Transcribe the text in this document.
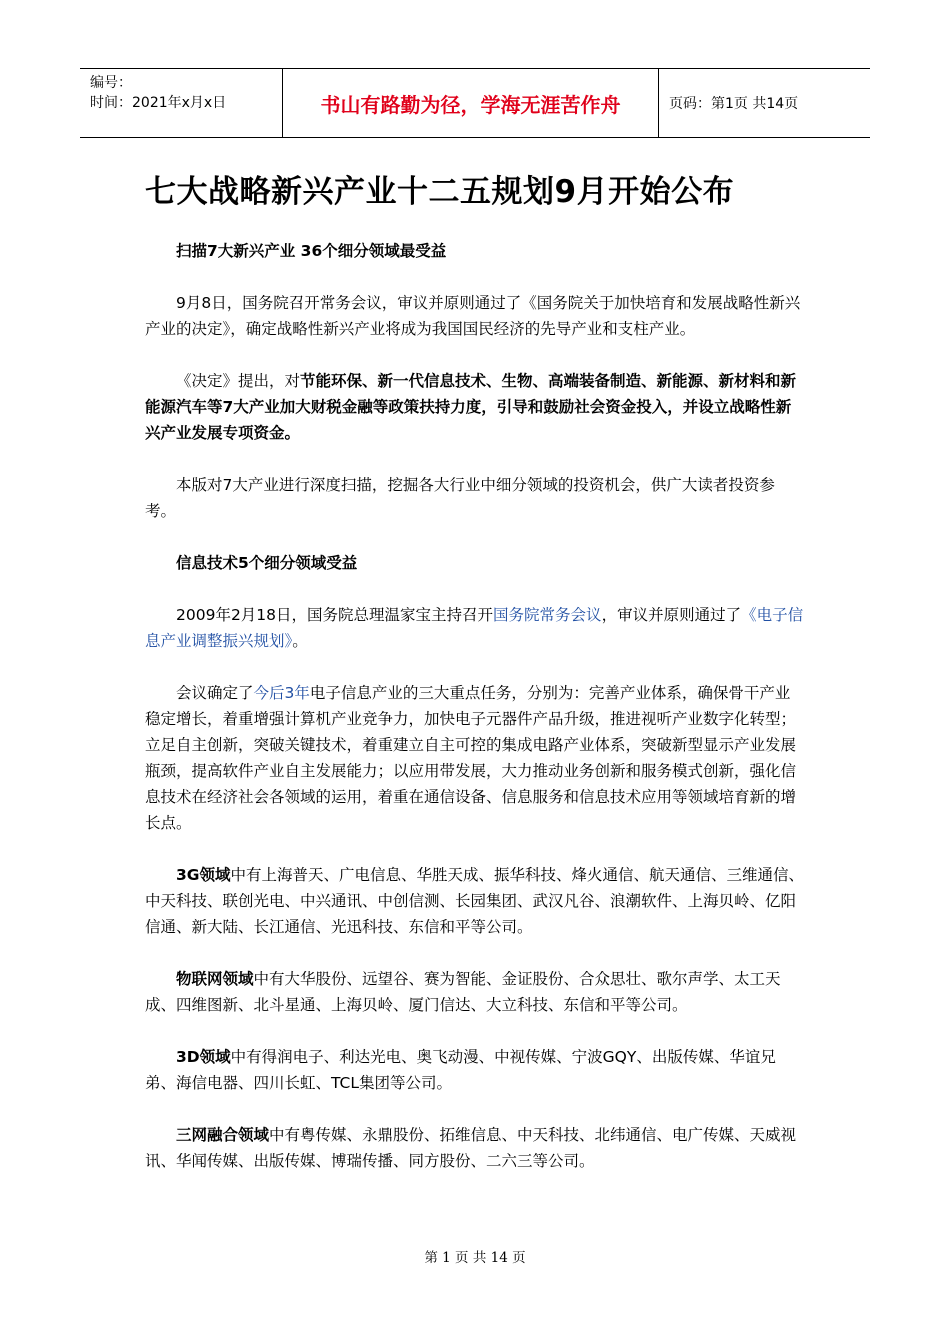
编号：
时间：2021年x月x日	书山有路勤为径，学海无涯苦作舟	页码：第1页 共14页
七大战略新兴产业十二五规划9月开始公布

扫描7大新兴产业 36个细分领域最受益

9月8日，国务院召开常务会议，审议并原则通过了《国务院关于加快培育和发展战略性新兴产业的决定》，确定战略性新兴产业将成为我国国民经济的先导产业和支柱产业。

《决定》提出，对节能环保、新一代信息技术、生物、高端装备制造、新能源、新材料和新能源汽车等7大产业加大财税金融等政策扶持力度，引导和鼓励社会资金投入，并设立战略性新兴产业发展专项资金。

本版对7大产业进行深度扫描，挖掘各大行业中细分领域的投资机会，供广大读者投资参考。

信息技术5个细分领域受益

2009年2月18日，国务院总理温家宝主持召开国务院常务会议，审议并原则通过了《电子信息产业调整振兴规划》。

会议确定了今后3年电子信息产业的三大重点任务，分别为：完善产业体系，确保骨干产业稳定增长，着重增强计算机产业竞争力，加快电子元器件产品升级，推进视听产业数字化转型；立足自主创新，突破关键技术，着重建立自主可控的集成电路产业体系，突破新型显示产业发展瓶颈，提高软件产业自主发展能力；以应用带发展，大力推动业务创新和服务模式创新，强化信息技术在经济社会各领域的运用，着重在通信设备、信息服务和信息技术应用等领域培育新的增长点。

3G领域中有上海普天、广电信息、华胜天成、振华科技、烽火通信、航天通信、三维通信、中天科技、联创光电、中兴通讯、中创信测、长园集团、武汉凡谷、浪潮软件、上海贝岭、亿阳信通、新大陆、长江通信、光迅科技、东信和平等公司。

物联网领域中有大华股份、远望谷、赛为智能、金证股份、合众思壮、歌尔声学、太工天成、四维图新、北斗星通、上海贝岭、厦门信达、大立科技、东信和平等公司。

3D领域中有得润电子、利达光电、奥飞动漫、中视传媒、宁波GQY、出版传媒、华谊兄弟、海信电器、四川长虹、TCL集团等公司。

三网融合领域中有粤传媒、永鼎股份、拓维信息、中天科技、北纬通信、电广传媒、天威视讯、华闻传媒、出版传媒、博瑞传播、同方股份、二六三等公司。

第 1 页 共 14 页
